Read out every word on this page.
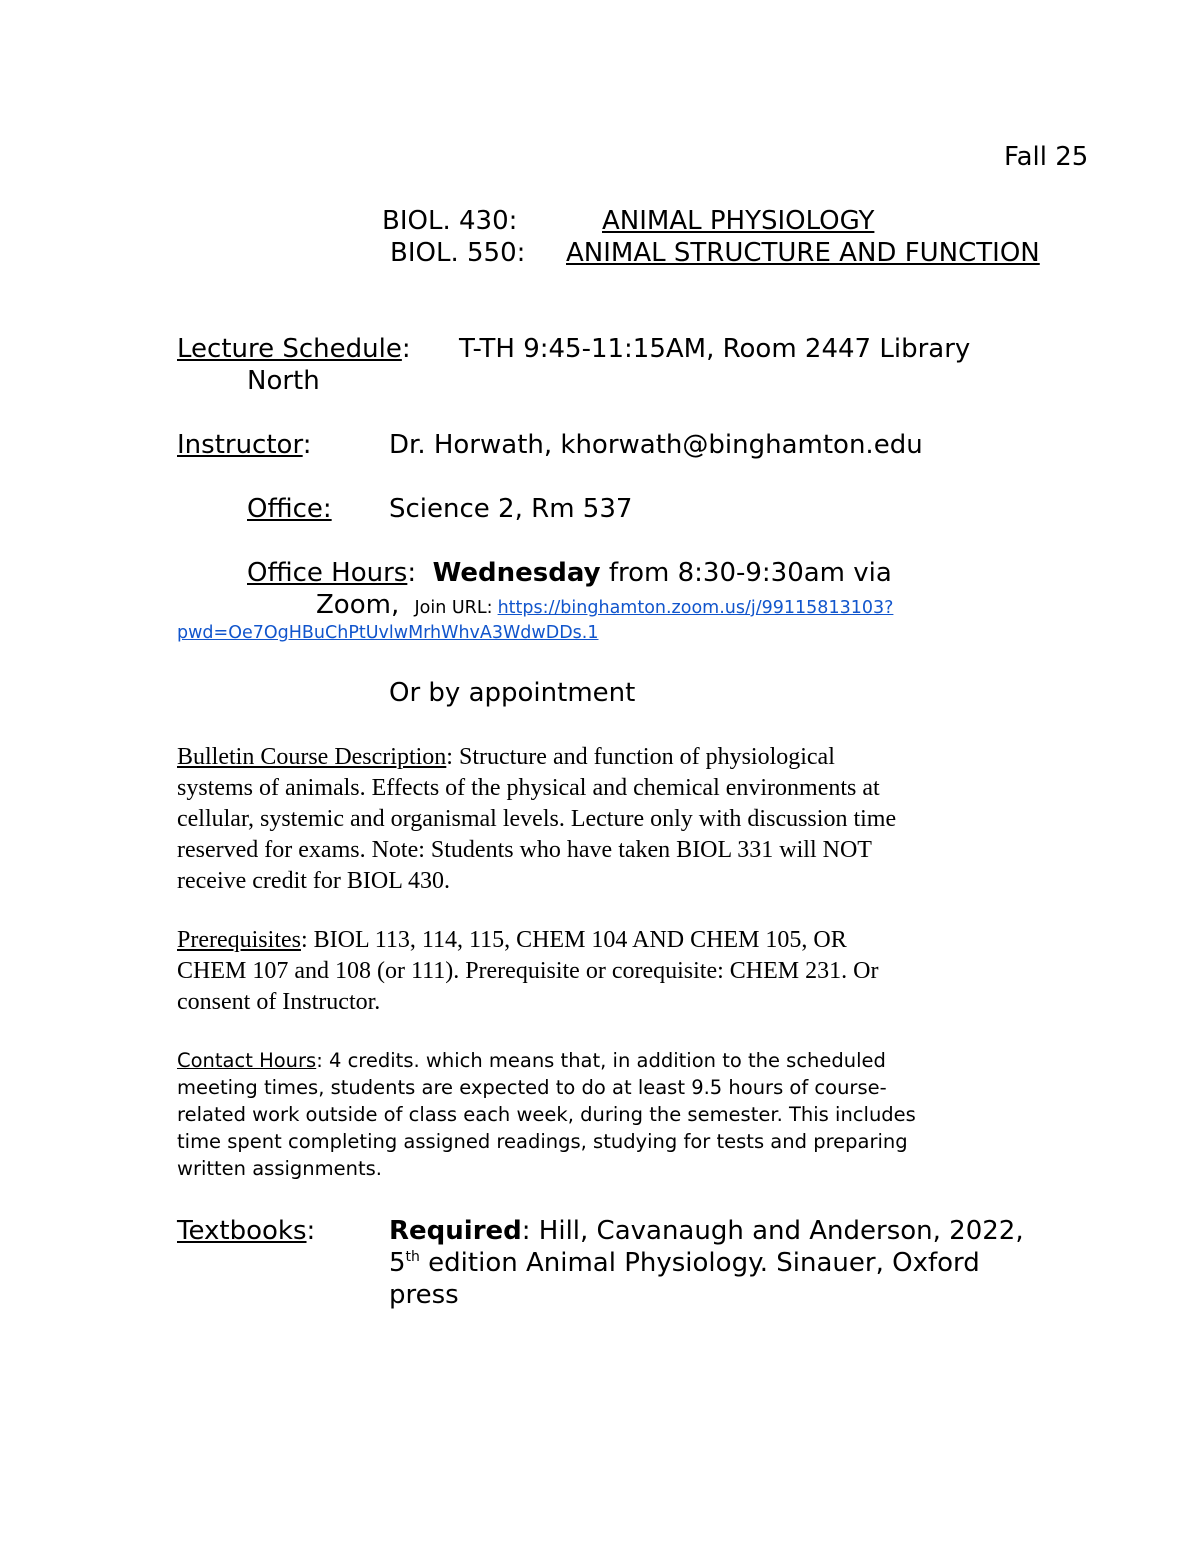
Fall 25
BIOL. 430:	ANIMAL PHYSIOLOGY
BIOL. 550: ANIMAL STRUCTURE AND FUNCTION
Lecture Schedule: T-TH 9:45-11:15AM, Room 2447 Library
North
Instructor:	Dr. Horwath, khorwath@binghamton.edu
Office: Science 2, Rm 537
Office Hours: Wednesday from 8:30-9:30am via
Zoom, Join URL: https://binghamton.zoom.us/j/99115813103?
pwd=Oe7OgHBuChPtUvlwMrhWhvA3WdwDDs.1
Or by appointment
Bulletin Course Description: Structure and function of physiological
systems of animals. Effects of the physical and chemical environments at
cellular, systemic and organismal levels. Lecture only with discussion time
reserved for exams. Note: Students who have taken BIOL 331 will NOT
receive credit for BIOL 430.
Prerequisites: BIOL 113, 114, 115, CHEM 104 AND CHEM 105, OR
CHEM 107 and 108 (or 111). Prerequisite or corequisite: CHEM 231. Or
consent of Instructor.
Contact Hours: 4 credits. which means that, in addition to the scheduled
meeting times, students are expected to do at least 9.5 hours of course-
related work outside of class each week, during the semester. This includes
time spent completing assigned readings, studying for tests and preparing
written assignments.
Textbooks:	Required: Hill, Cavanaugh and Anderson, 2022,
5th edition Animal Physiology. Sinauer, Oxford
press
